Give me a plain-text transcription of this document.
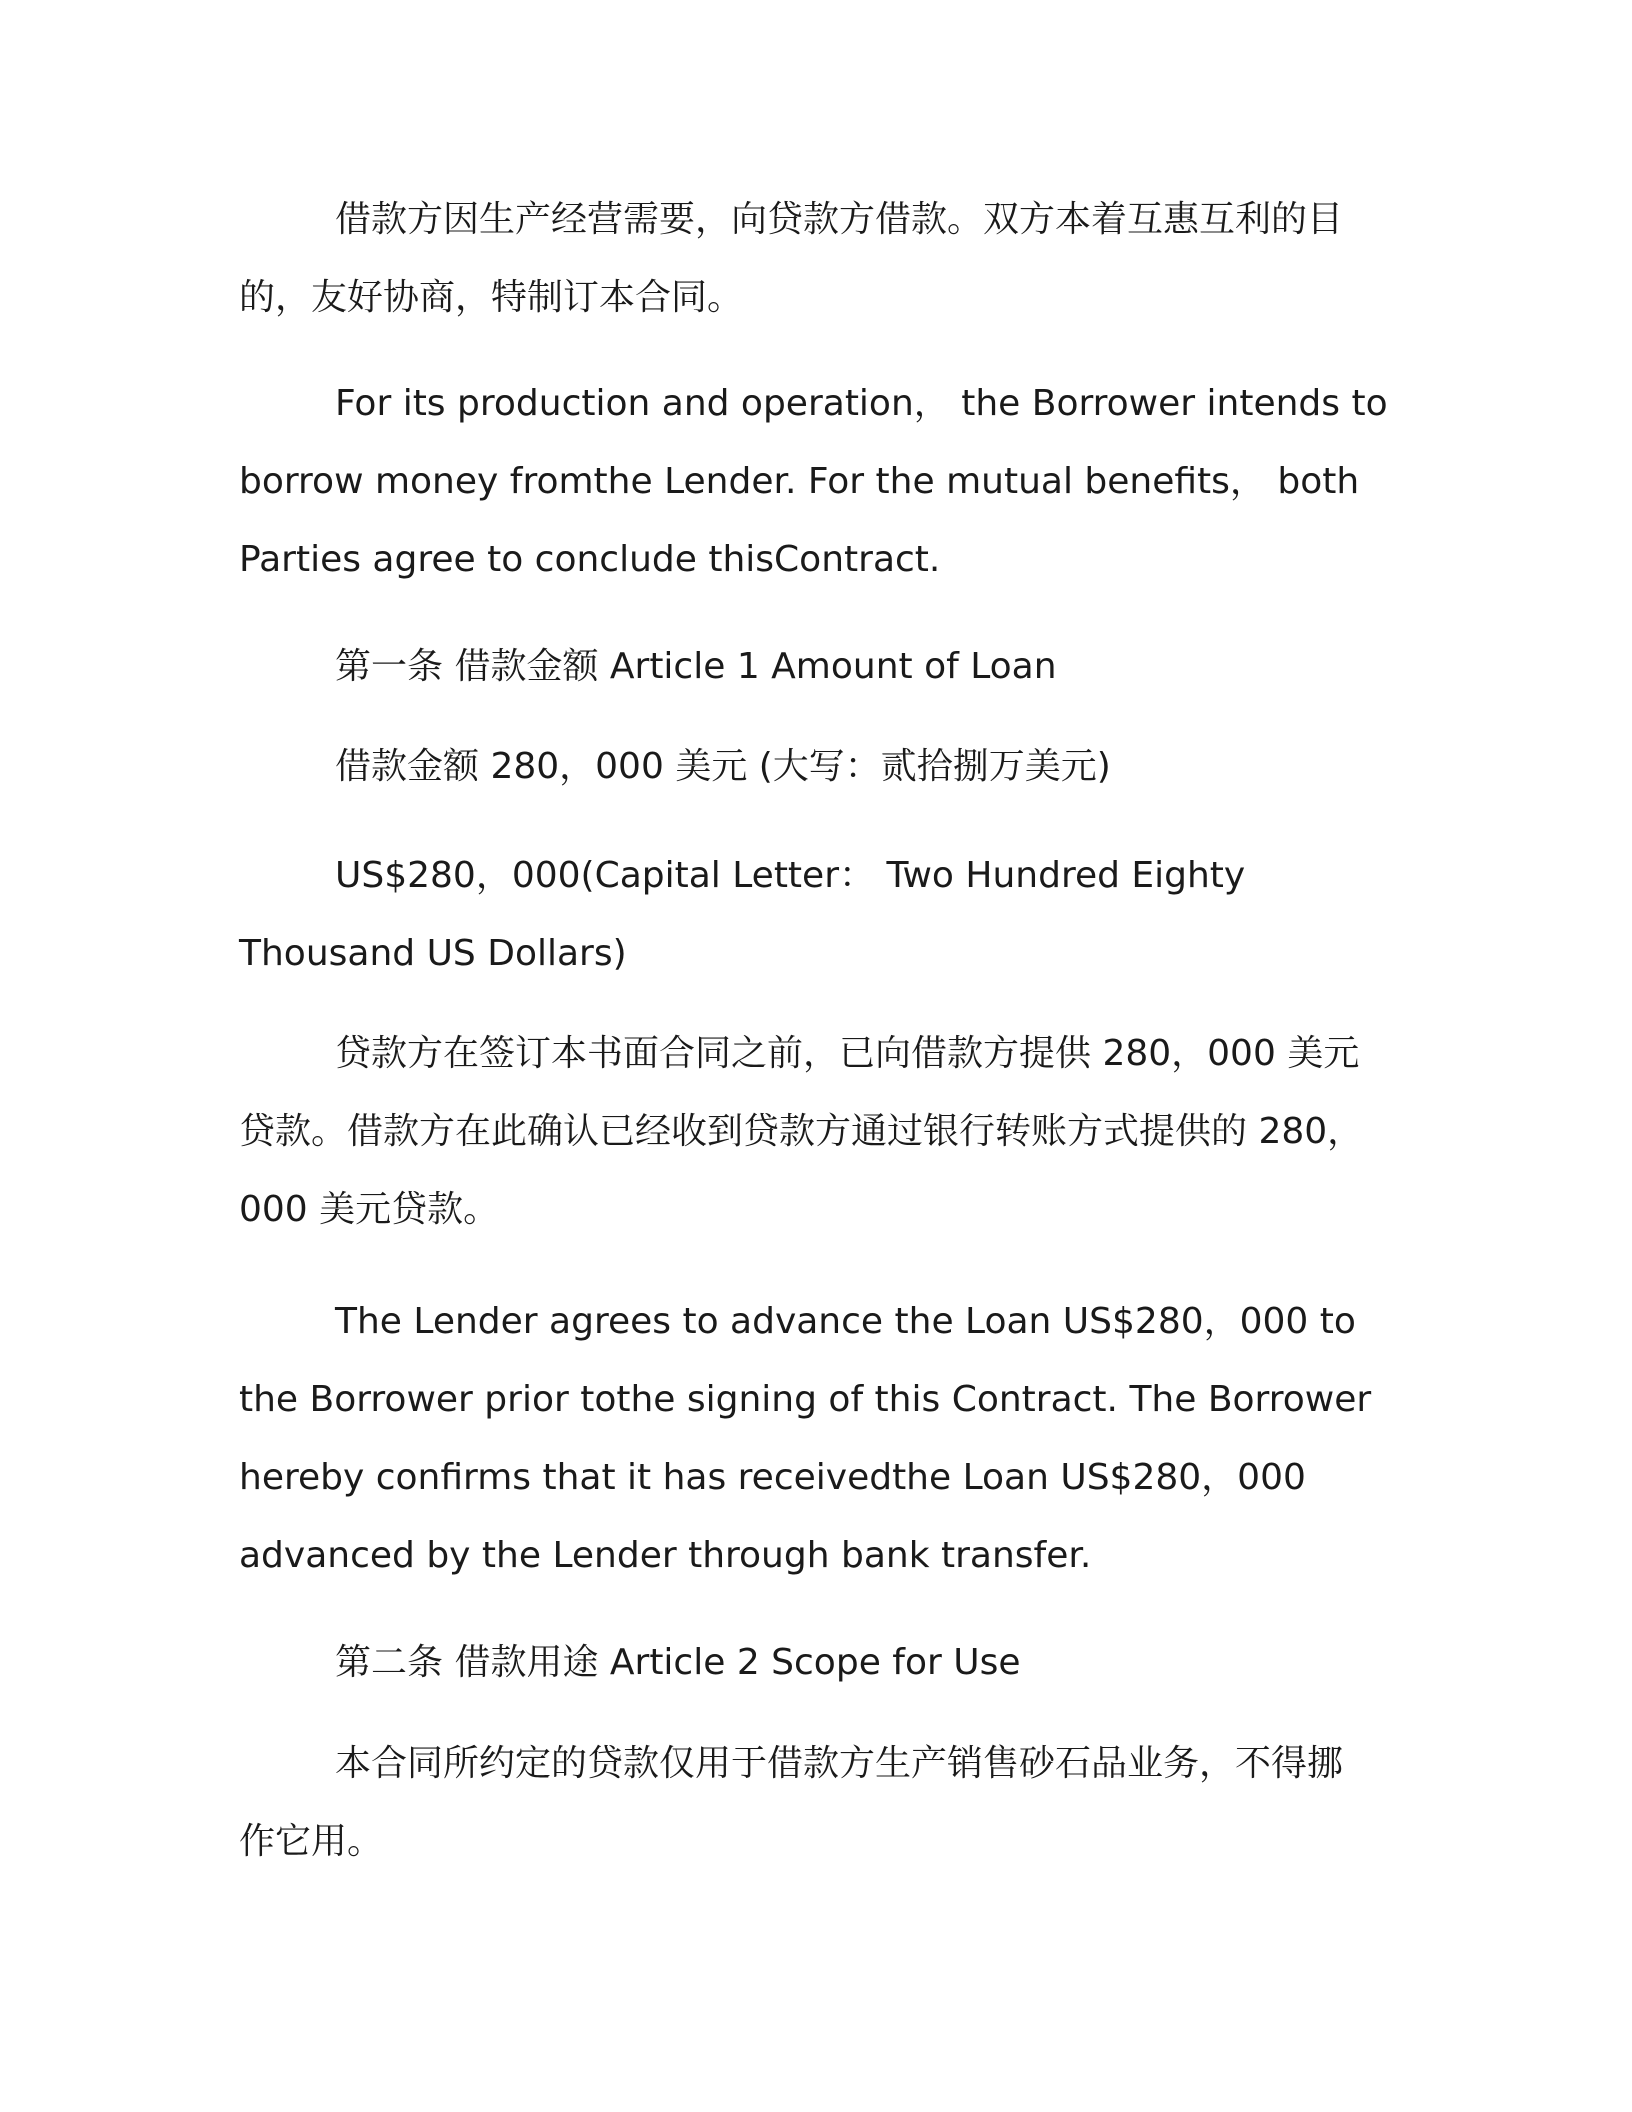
借款方因生产经营需要，向贷款方借款。双方本着互惠互利的目
的，友好协商，特制订本合同。
For its production and operation， the Borrower intends to
borrow money fromthe Lender. For the mutual benefits， both
Parties agree to conclude thisContract.
第一条 借款金额 Article 1 Amount of Loan
借款金额 280，000 美元 (大写：贰拾捌万美元)
US$280，000(Capital Letter： Two Hundred Eighty
Thousand US Dollars)
贷款方在签订本书面合同之前，已向借款方提供 280，000 美元
贷款。借款方在此确认已经收到贷款方通过银行转账方式提供的 280，
000 美元贷款。
The Lender agrees to advance the Loan US$280，000 to
the Borrower prior tothe signing of this Contract. The Borrower
hereby confirms that it has receivedthe Loan US$280，000
advanced by the Lender through bank transfer.
第二条 借款用途 Article 2 Scope for Use
本合同所约定的贷款仅用于借款方生产销售砂石品业务，不得挪
作它用。
